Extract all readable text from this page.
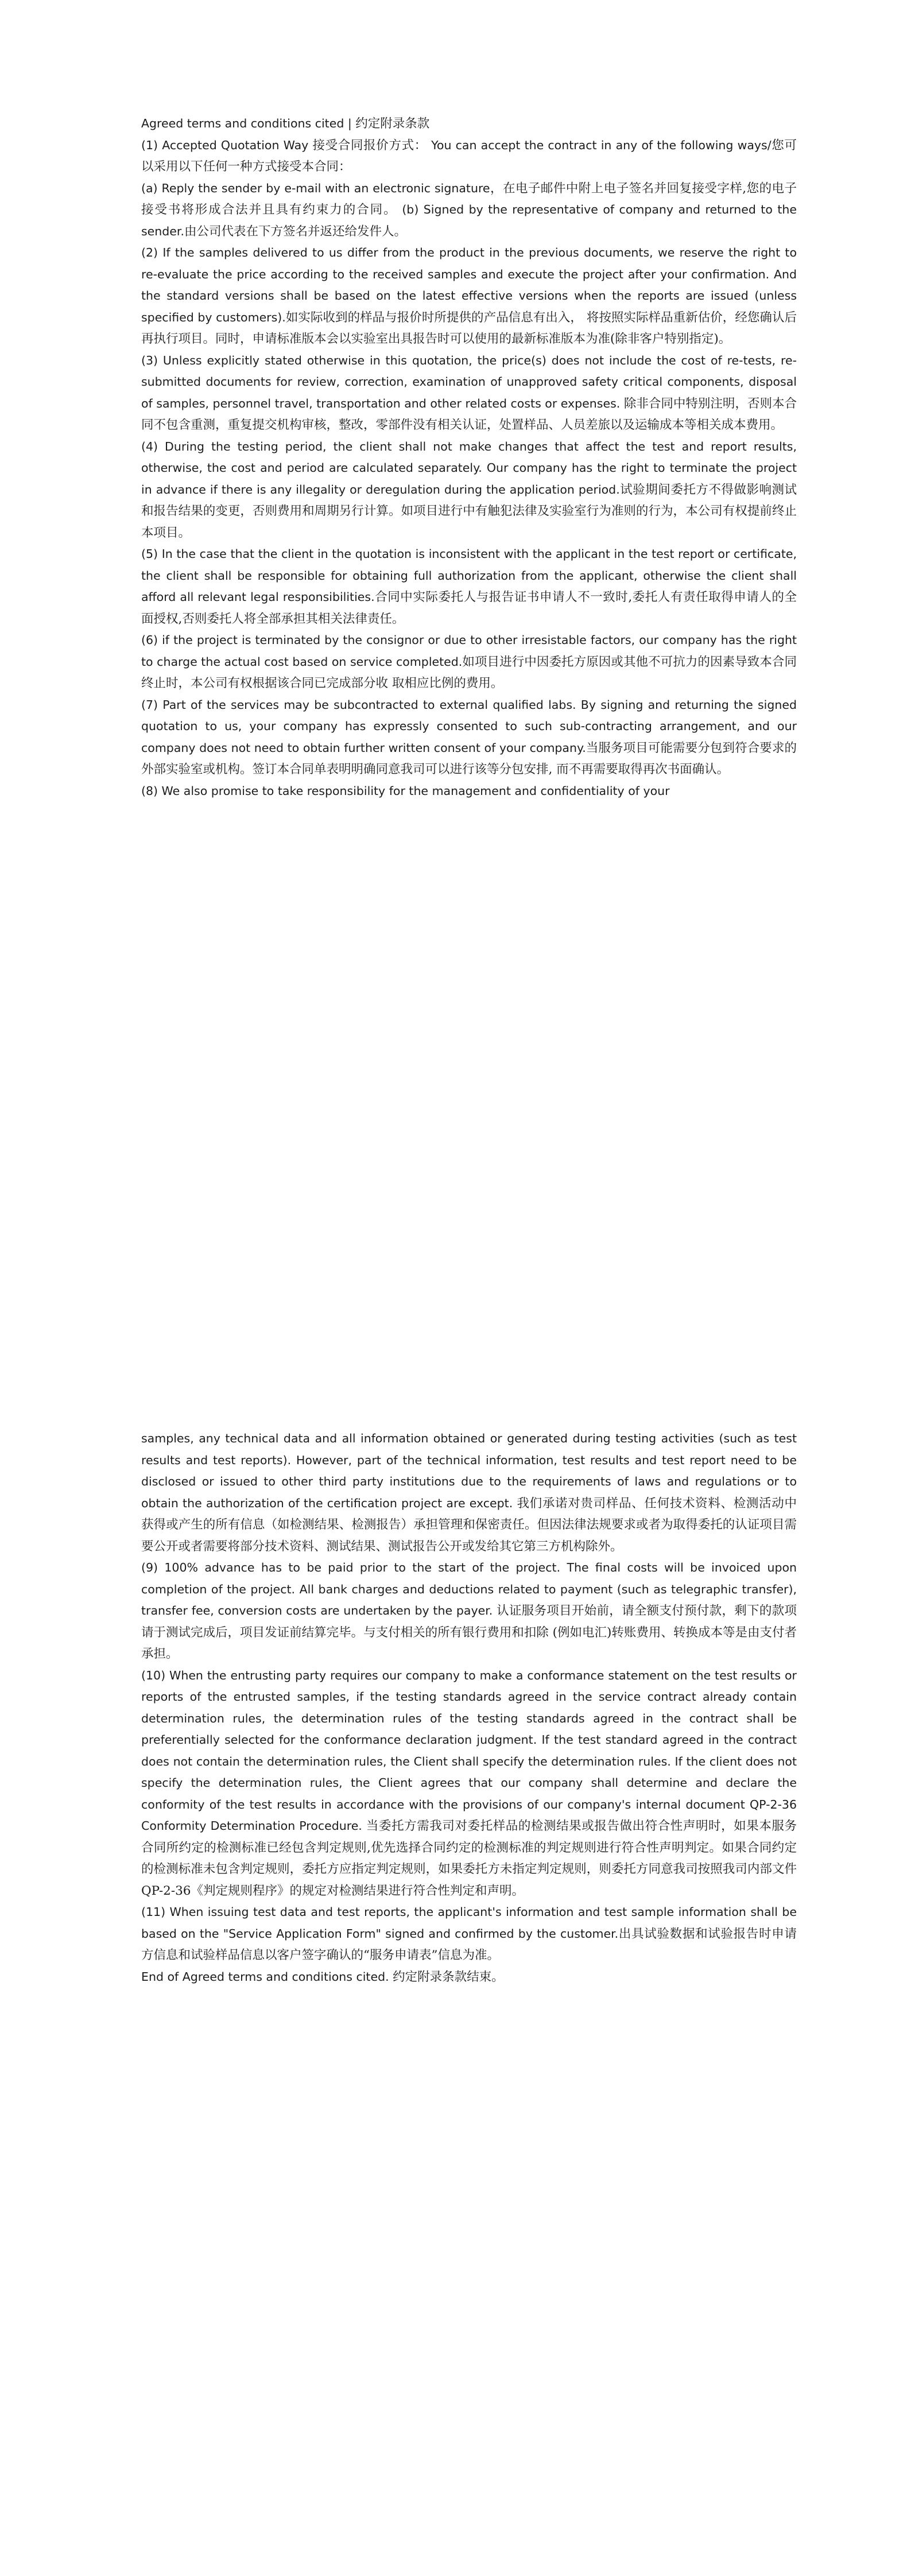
Agreed terms and conditions cited | 约定附录条款

(1) Accepted Quotation Way 接受合同报价方式： You can accept the contract in any of the following ways/您可以采用以下任何一种方式接受本合同：

(a) Reply the sender by e-mail with an electronic signature，在电子邮件中附上电子签名并回复接受字样,您的电子接受书将形成合法并且具有约束力的合同。 (b) Signed by the representative of company and returned to the sender.由公司代表在下方签名并返还给发件人。

(2) If the samples delivered to us differ from the product in the previous documents, we reserve the right to re-evaluate the price according to the received samples and execute the project after your confirmation. And the standard versions shall be based on the latest effective versions when the reports are issued (unless specified by customers).如实际收到的样品与报价时所提供的产品信息有出入， 将按照实际样品重新估价，经您确认后再执行项目。同时，申请标准版本会以实验室出具报告时可以使用的最新标准版本为准(除非客户特别指定)。

(3) Unless explicitly stated otherwise in this quotation, the price(s) does not include the cost of re-tests, re-submitted documents for review, correction, examination of unapproved safety critical components, disposal of samples, personnel travel, transportation and other related costs or expenses. 除非合同中特别注明，否则本合同不包含重测，重复提交机构审核，整改，零部件没有相关认证，处置样品、人员差旅以及运输成本等相关成本费用。

(4) During the testing period, the client shall not make changes that affect the test and report results, otherwise, the cost and period are calculated separately. Our company has the right to terminate the project in advance if there is any illegality or deregulation during the application period.试验期间委托方不得做影响测试和报告结果的变更，否则费用和周期另行计算。如项目进行中有触犯法律及实验室行为准则的行为，本公司有权提前终止本项目。

(5) In the case that the client in the quotation is inconsistent with the applicant in the test report or certificate, the client shall be responsible for obtaining full authorization from the applicant, otherwise the client shall afford all relevant legal responsibilities.合同中实际委托人与报告证书申请人不一致时,委托人有责任取得申请人的全面授权,否则委托人将全部承担其相关法律责任。

(6) if the project is terminated by the consignor or due to other irresistable factors, our company has the right to charge the actual cost based on service completed.如项目进行中因委托方原因或其他不可抗力的因素导致本合同终止时，本公司有权根据该合同已完成部分收 取相应比例的费用。

(7) Part of the services may be subcontracted to external qualified labs. By signing and returning the signed quotation to us, your company has expressly consented to such sub-contracting arrangement, and our company does not need to obtain further written consent of your company.当服务项目可能需要分包到符合要求的外部实验室或机构。签订本合同单表明明确同意我司可以进行该等分包安排, 而不再需要取得再次书面确认。

(8) We also promise to take responsibility for the management and confidentiality of your

samples, any technical data and all information obtained or generated during testing activities (such as test results and test reports). However, part of the technical information, test results and test report need to be disclosed or issued to other third party institutions due to the requirements of laws and regulations or to obtain the authorization of the certification project are except. 我们承诺对贵司样品、任何技术资料、检测活动中获得或产生的所有信息（如检测结果、检测报告）承担管理和保密责任。但因法律法规要求或者为取得委托的认证项目需要公开或者需要将部分技术资料、测试结果、测试报告公开或发给其它第三方机构除外。

(9) 100% advance has to be paid prior to the start of the project. The final costs will be invoiced upon completion of the project. All bank charges and deductions related to payment (such as telegraphic transfer), transfer fee, conversion costs are undertaken by the payer. 认证服务项目开始前，请全额支付预付款，剩下的款项请于测试完成后，项目发证前结算完毕。与支付相关的所有银行费用和扣除 (例如电汇)转账费用、转换成本等是由支付者承担。

(10) When the entrusting party requires our company to make a conformance statement on the test results or reports of the entrusted samples, if the testing standards agreed in the service contract already contain determination rules, the determination rules of the testing standards agreed in the contract shall be preferentially selected for the conformance declaration judgment. If the test standard agreed in the contract does not contain the determination rules, the Client shall specify the determination rules. If the client does not specify the determination rules, the Client agrees that our company shall determine and declare the conformity of the test results in accordance with the provisions of our company's internal document QP-2-36 Conformity Determination Procedure. 当委托方需我司对委托样品的检测结果或报告做出符合性声明时，如果本服务合同所约定的检测标准已经包含判定规则,优先选择合同约定的检测标准的判定规则进行符合性声明判定。如果合同约定的检测标准未包含判定规则，委托方应指定判定规则，如果委托方未指定判定规则，则委托方同意我司按照我司内部文件QP-2-36《判定规则程序》的规定对检测结果进行符合性判定和声明。

(11) When issuing test data and test reports, the applicant's information and test sample information shall be based on the "Service Application Form" signed and confirmed by the customer.出具试验数据和试验报告时申请方信息和试验样品信息以客户签字确认的“服务申请表”信息为准。

End of Agreed terms and conditions cited. 约定附录条款结束。
